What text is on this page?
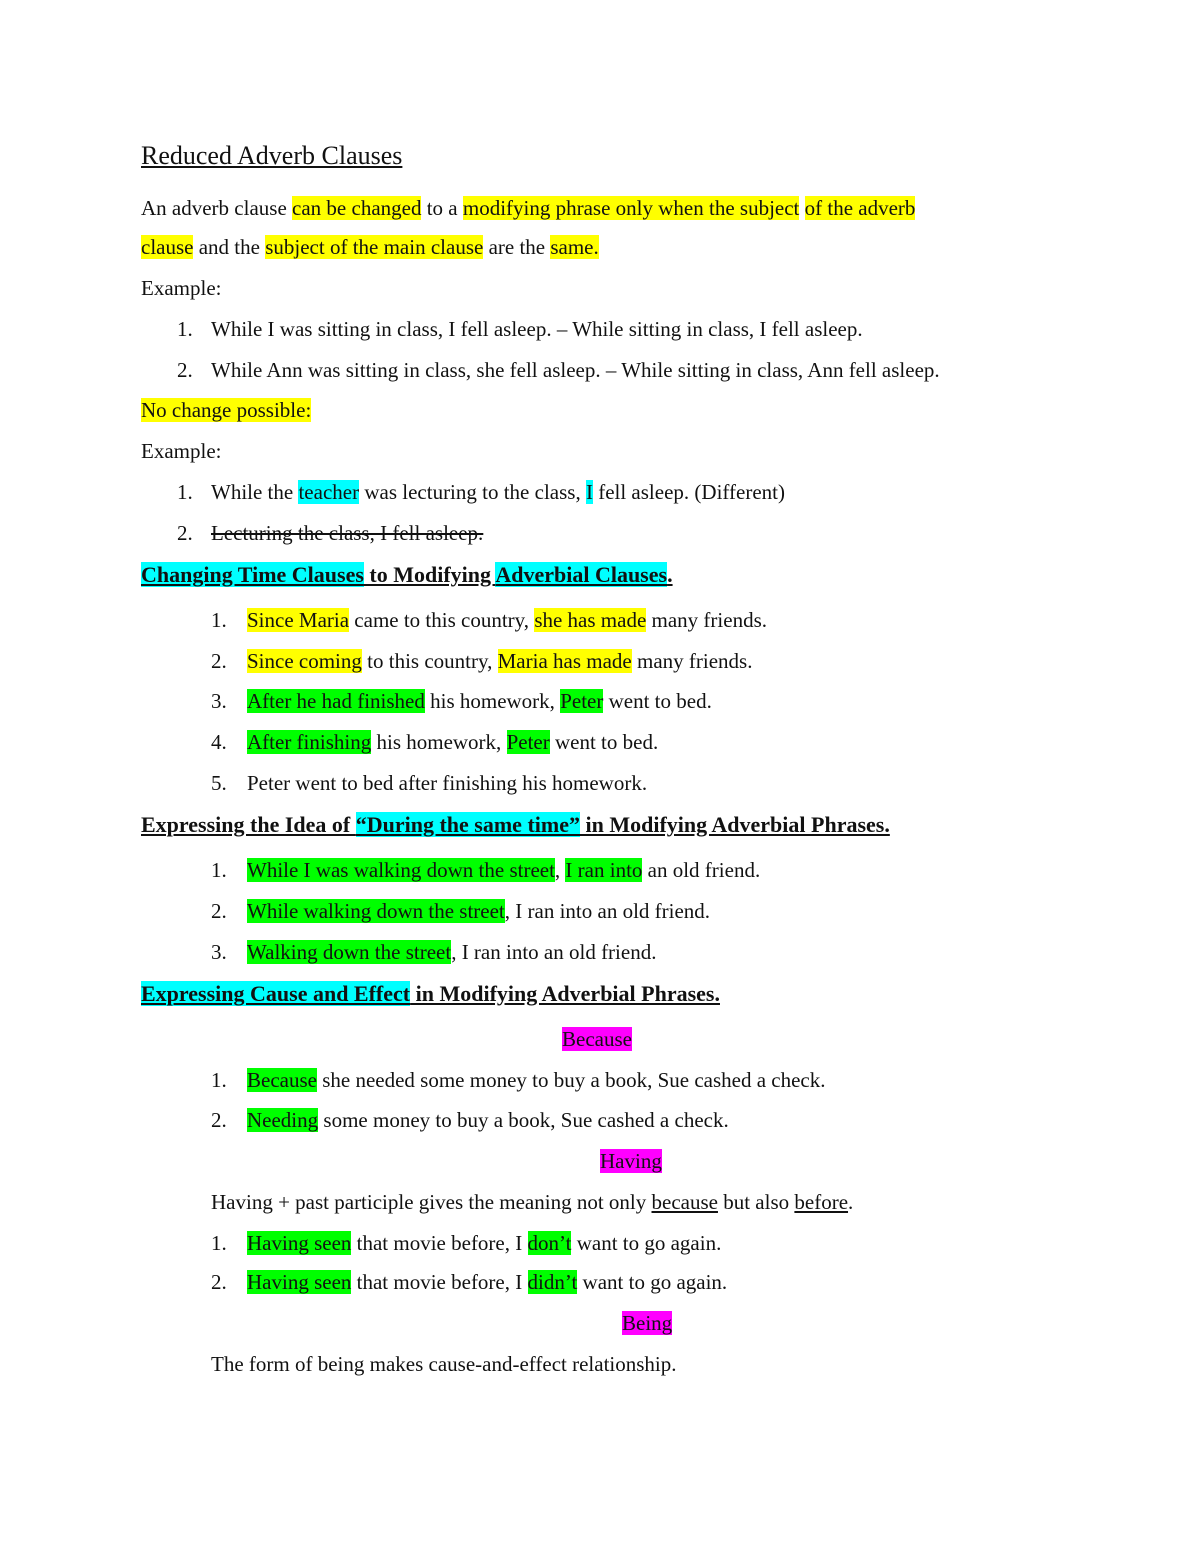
Reduced Adverb Clauses
An adverb clause can be changed to a modifying phrase only when the subject of the adverb
clause and the subject of the main clause are the same.
Example:
1. While I was sitting in class, I fell asleep. – While sitting in class, I fell asleep.
2. While Ann was sitting in class, she fell asleep. – While sitting in class, Ann fell asleep.
No change possible:
Example:
1. While the teacher was lecturing to the class, I fell asleep. (Different)
2. Lecturing the class, I fell asleep.
Changing Time Clauses to Modifying Adverbial Clauses.
1. Since Maria came to this country, she has made many friends.
2. Since coming to this country, Maria has made many friends.
3. After he had finished his homework, Peter went to bed.
4. After finishing his homework, Peter went to bed.
5. Peter went to bed after finishing his homework.
Expressing the Idea of “During the same time” in Modifying Adverbial Phrases.
1. While I was walking down the street, I ran into an old friend.
2. While walking down the street, I ran into an old friend.
3. Walking down the street, I ran into an old friend.
Expressing Cause and Effect in Modifying Adverbial Phrases.
Because
1. Because she needed some money to buy a book, Sue cashed a check.
2. Needing some money to buy a book, Sue cashed a check.
Having
Having + past participle gives the meaning not only because but also before.
1. Having seen that movie before, I don’t want to go again.
2. Having seen that movie before, I didn’t want to go again.
Being
The form of being makes cause-and-effect relationship.
